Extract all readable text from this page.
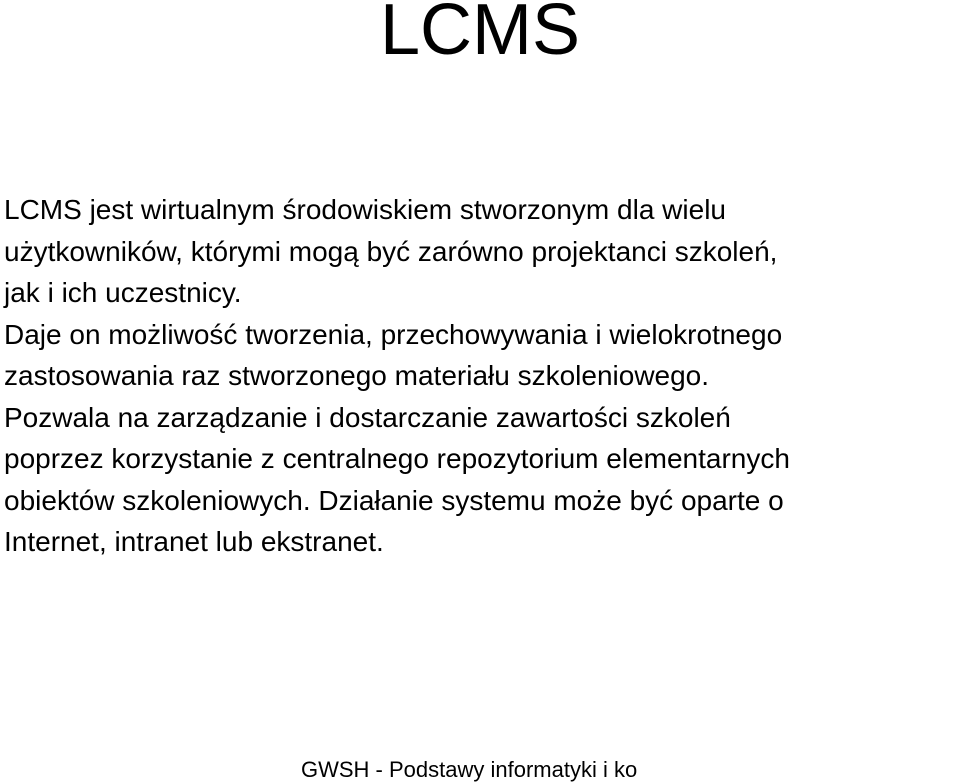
LCMS
LCMS jest wirtualnym środowiskiem stworzonym dla wielu
użytkowników, którymi mogą być zarówno projektanci szkoleń,
jak i ich uczestnicy.
Daje on możliwość tworzenia, przechowywania i wielokrotnego
zastosowania raz stworzonego materiału szkoleniowego.
Pozwala na zarządzanie i dostarczanie zawartości szkoleń
poprzez korzystanie z centralnego repozytorium elementarnych
obiektów szkoleniowych. Działanie systemu może być oparte o
Internet, intranet lub ekstranet.
GWSH - Podstawy informatyki i ko
